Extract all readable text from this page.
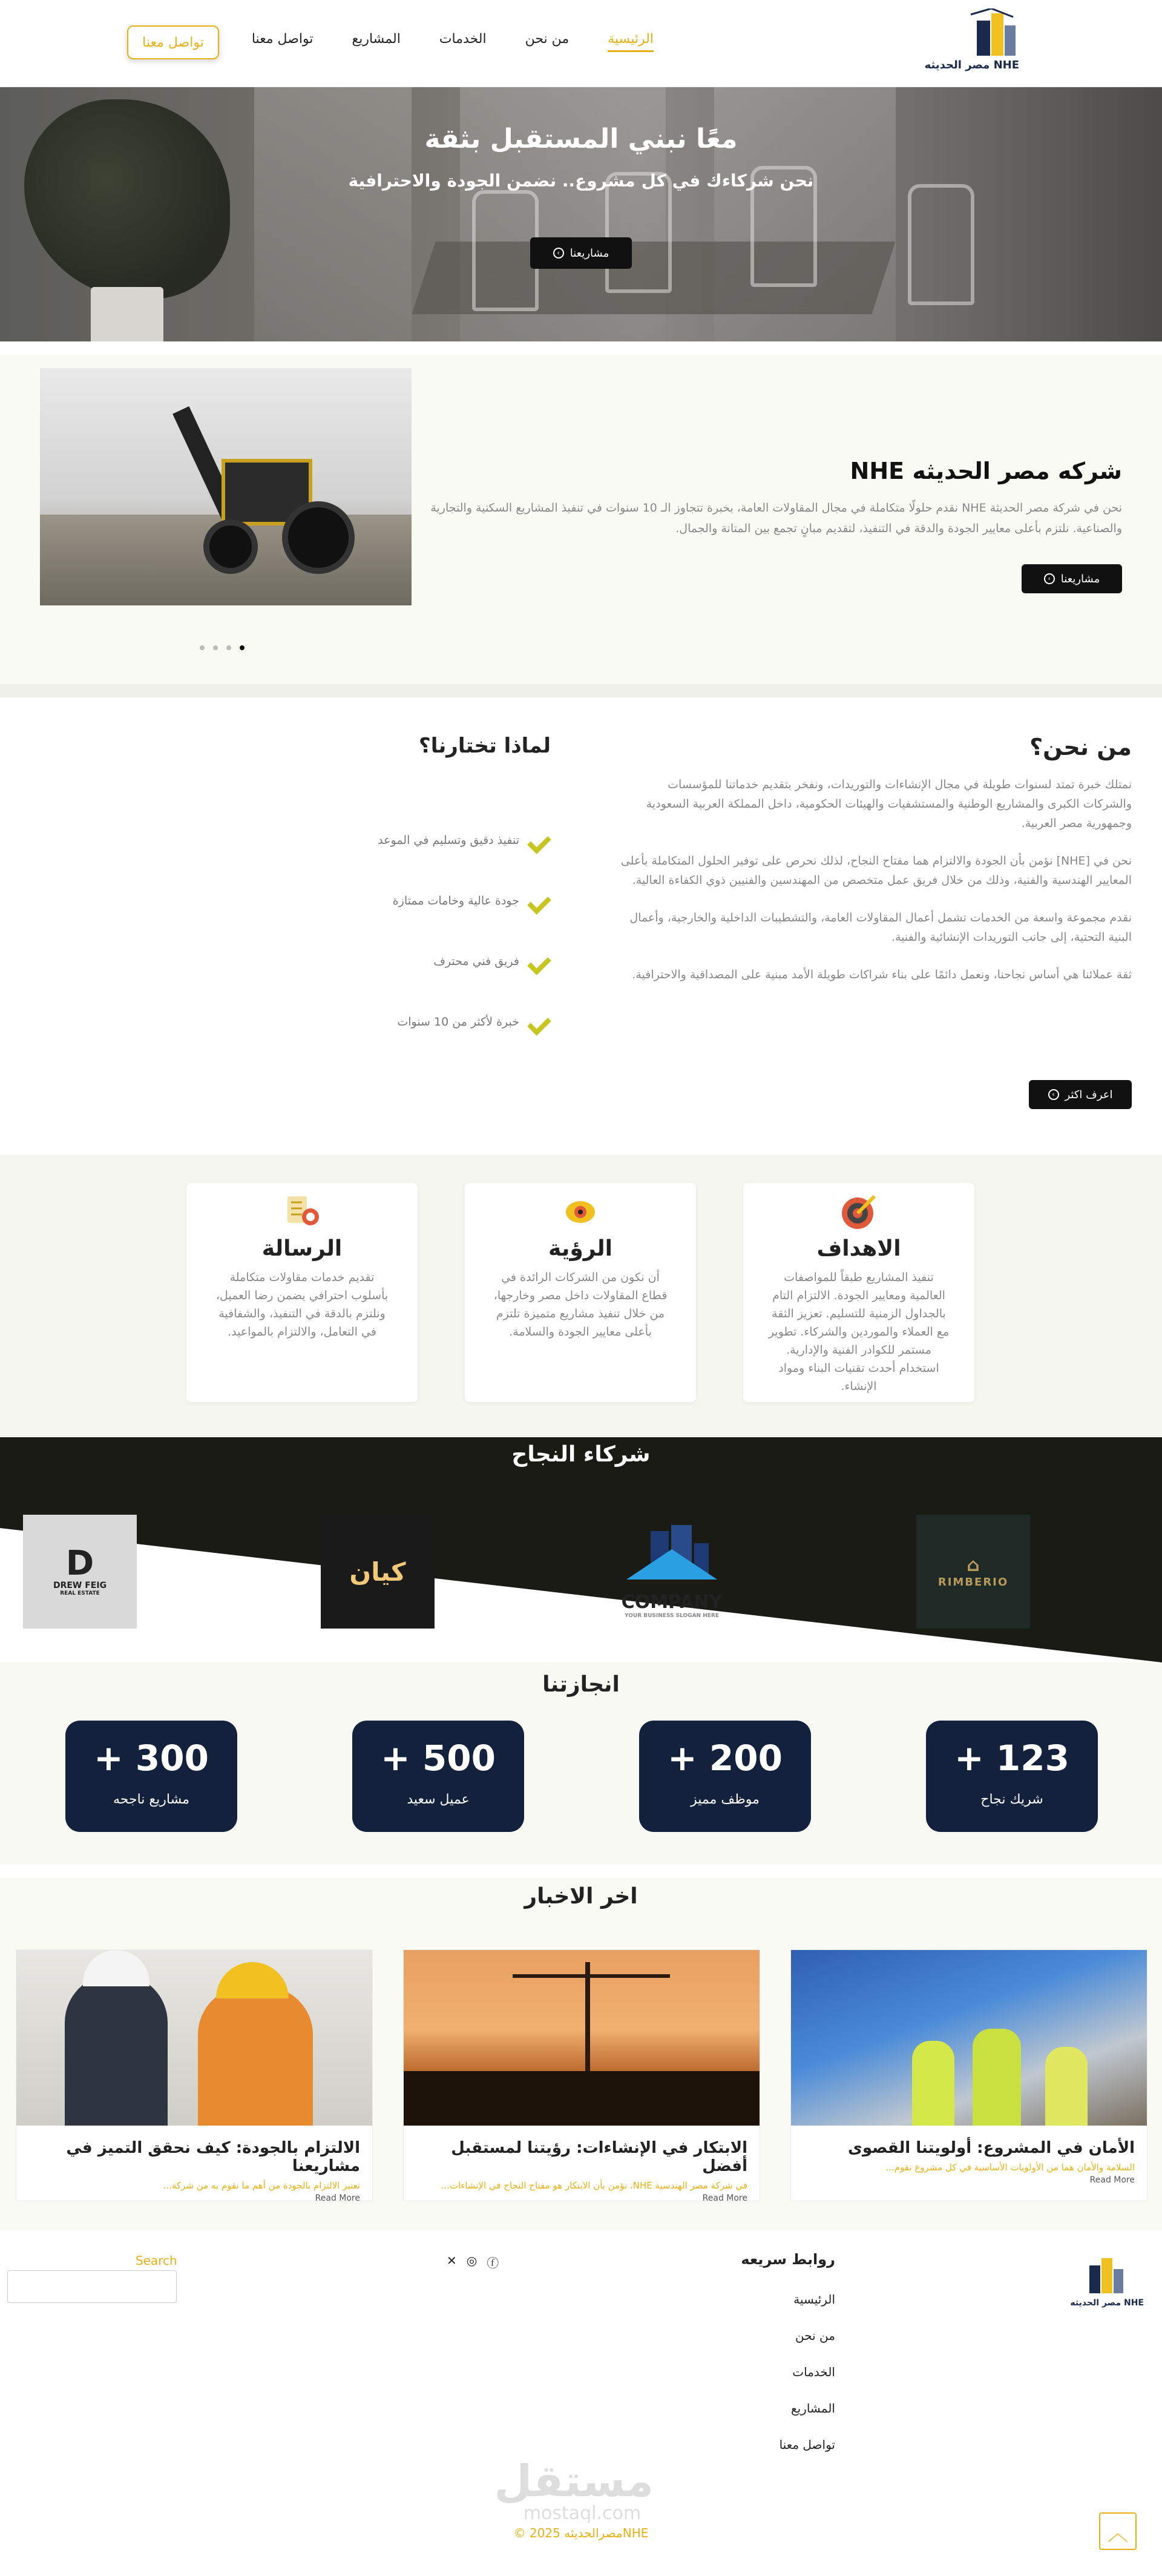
NHE مصر الحديثه
الرئيسية
من نحن
الخدمات
المشاريع
تواصل معنا
تواصل معنا
معًا نبني المستقبل بثقة
نحن شركاءك في كل مشروع.. نضمن الجودة والاحترافية
مشاريعنا
›
شركه مصر الحديثه NHE

نحن في شركة مصر الحديثة NHE نقدم حلولًا متكاملة في مجال المقاولات العامة، بخبرة تتجاوز الـ 10 سنوات في تنفيذ المشاريع السكنية والتجارية والصناعية. نلتزم بأعلى معايير الجودة والدقة في التنفيذ، لتقديم مبانٍ تجمع بين المتانة والجمال.

مشاريعنا
›
من نحن؟

نمتلك خبرة تمتد لسنوات طويلة في مجال الإنشاءات والتوريدات، ونفخر بتقديم خدماتنا للمؤسسات والشركات الكبرى والمشاريع الوطنية والمستشفيات والهيئات الحكومية، داخل المملكة العربية السعودية وجمهورية مصر العربية.

نحن في [NHE] نؤمن بأن الجودة والالتزام هما مفتاح النجاح، لذلك نحرص على توفير الحلول المتكاملة بأعلى المعايير الهندسية والفنية، وذلك من خلال فريق عمل متخصص من المهندسين والفنيين ذوي الكفاءة العالية.

نقدم مجموعة واسعة من الخدمات تشمل أعمال المقاولات العامة، والتشطيبات الداخلية والخارجية، وأعمال البنية التحتية، إلى جانب التوريدات الإنشائية والفنية.

ثقة عملائنا هي أساس نجاحنا، ونعمل دائمًا على بناء شراكات طويلة الأمد مبنية على المصداقية والاحترافية.

اعرف اكثر
›
لماذا تختارنا؟
تنفيذ دقيق وتسليم في الموعد
جودة عالية وخامات ممتازة
فريق فني محترف
خبرة لأكثر من 10 سنوات
الاهداف

تنفيذ المشاريع طبقاً للمواصفات العالمية ومعايير الجودة. الالتزام التام بالجداول الزمنية للتسليم. تعزيز الثقة مع العملاء والموردين والشركاء. تطوير مستمر للكوادر الفنية والإدارية. استخدام أحدث تقنيات البناء ومواد الإنشاء.

الرؤية

أن نكون من الشركات الرائدة في قطاع المقاولات داخل مصر وخارجها، من خلال تنفيذ مشاريع متميزة تلتزم بأعلى معايير الجودة والسلامة.

الرسالة

تقديم خدمات مقاولات متكاملة بأسلوب احترافي يضمن رضا العميل، ونلتزم بالدقة في التنفيذ، والشفافية في التعامل، والالتزام بالمواعيد.

شركاء النجاح
⌂
RIMBERIO
COMPANY
YOUR BUSINESS SLOGAN HERE
كيان
D
DREW FEIG
REAL ESTATE
انجازتنا
123 +
شريك نجاح
200 +
موظف مميز
500 +
عميل سعيد
300 +
مشاريع ناجحه
اخر الاخبار
الأمان في المشروع: أولويتنا القصوى
السلامة والأمان هما من الأولويات الأساسية في كل مشروع نقوم...
Read More
الابتكار في الإنشاءات: رؤيتنا لمستقبل أفضل
في شركة مصر الهندسية NHE، نؤمن بأن الابتكار هو مفتاح النجاح في الإنشاءات...
Read More
الالتزام بالجودة: كيف نحقق التميز في مشاريعنا
تعتبر الالتزام بالجودة من أهم ما نقوم به من شركة...
Read More
NHE مصر الحديثه
روابط سريعه
الرئيسية
من نحن
الخدمات
المشاريع
تواصل معنا
ⓕ
◎
✕
Search
مستقل
mostaql.com
NHEمصرالحديثه 2025 ©	︿
